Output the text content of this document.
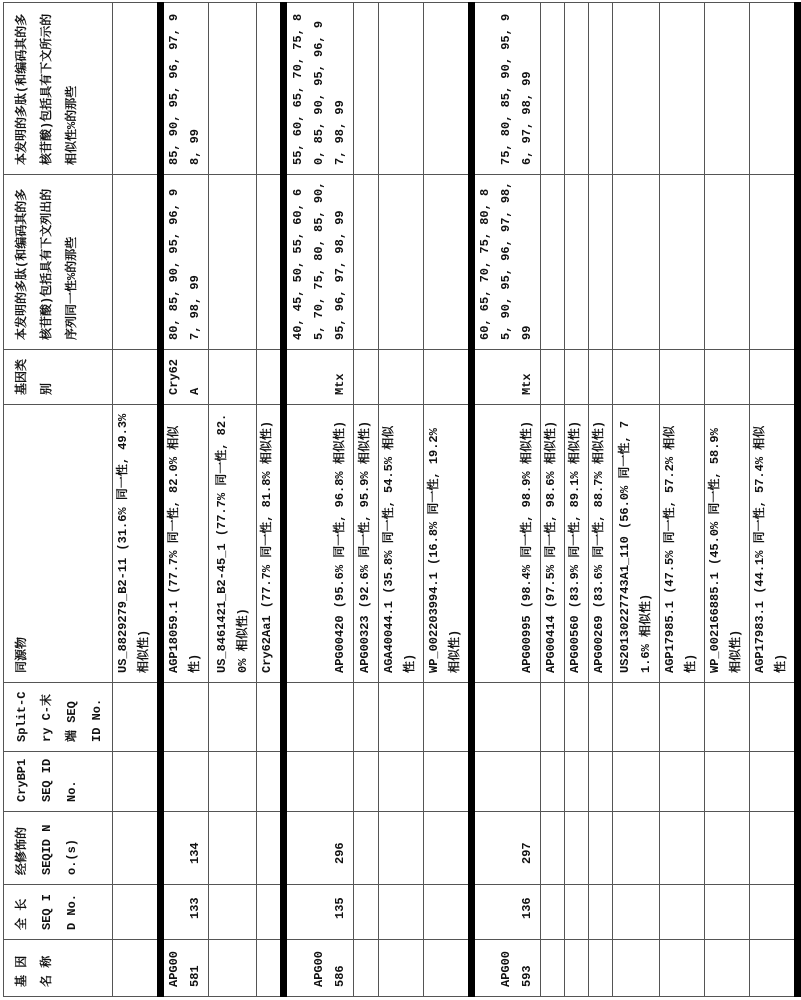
基 因 名 称	全 长 SEQ ID No.	经修饰的 SEQID No.(s)	CryBP1 SEQ ID No.	Split-Cry C-末端 SEQ ID No.	同源物	基因类别	本发明的多肽(和编码其的多核苷酸)包括具有下文列出的序列同一性%的那些	本发明的多肽(和编码其的多核苷酸)包括具有下文所示的相似性%的那些
					US_8829279_B2-11 (31.6% 同一性, 49.3% 相似性)			
APG00581	133	134			AGP18059.1 (77.7% 同一性, 82.0% 相似性)	Cry62A	80, 85, 90, 95, 96, 97, 98, 99	85, 90, 95, 96, 97, 98, 99
					US_8461421_B2-45_1 (77.7% 同一性, 82.0% 相似性)								Cry62Aa1 (77.7% 同一性, 81.8% 相似性)			
APG00586	135	296			APG00420 (95.6% 同一性, 96.8% 相似性)	Mtx	40, 45, 50, 55, 60, 65, 70, 75, 80, 85, 90, 95, 96, 97, 98, 99	55, 60, 65, 70, 75, 80, 85, 90, 95, 96, 97, 98, 99
					APG00323 (92.6% 同一性, 95.9% 相似性)								AGA40044.1 (35.8% 同一性, 54.5% 相似性)								WP_002203994.1 (16.8% 同一性, 19.2% 相似性)			
APG00593	136	297			APG00995 (98.4% 同一性, 98.9% 相似性)	Mtx	60, 65, 70, 75, 80, 85, 90, 95, 96, 97, 98, 99	75, 80, 85, 90, 95, 96, 97, 98, 99
					APG00414 (97.5% 同一性, 98.6% 相似性)								APG00560 (83.9% 同一性, 89.1% 相似性)								APG00269 (83.6% 同一性, 88.7% 相似性)								US20130227743A1_110 (56.0% 同一性, 71.6% 相似性)								AGP17985.1 (47.5% 同一性, 57.2% 相似性)								WP_002166885.1 (45.0% 同一性, 58.9% 相似性)								AGP17983.1 (44.1% 同一性, 57.4% 相似性)			
